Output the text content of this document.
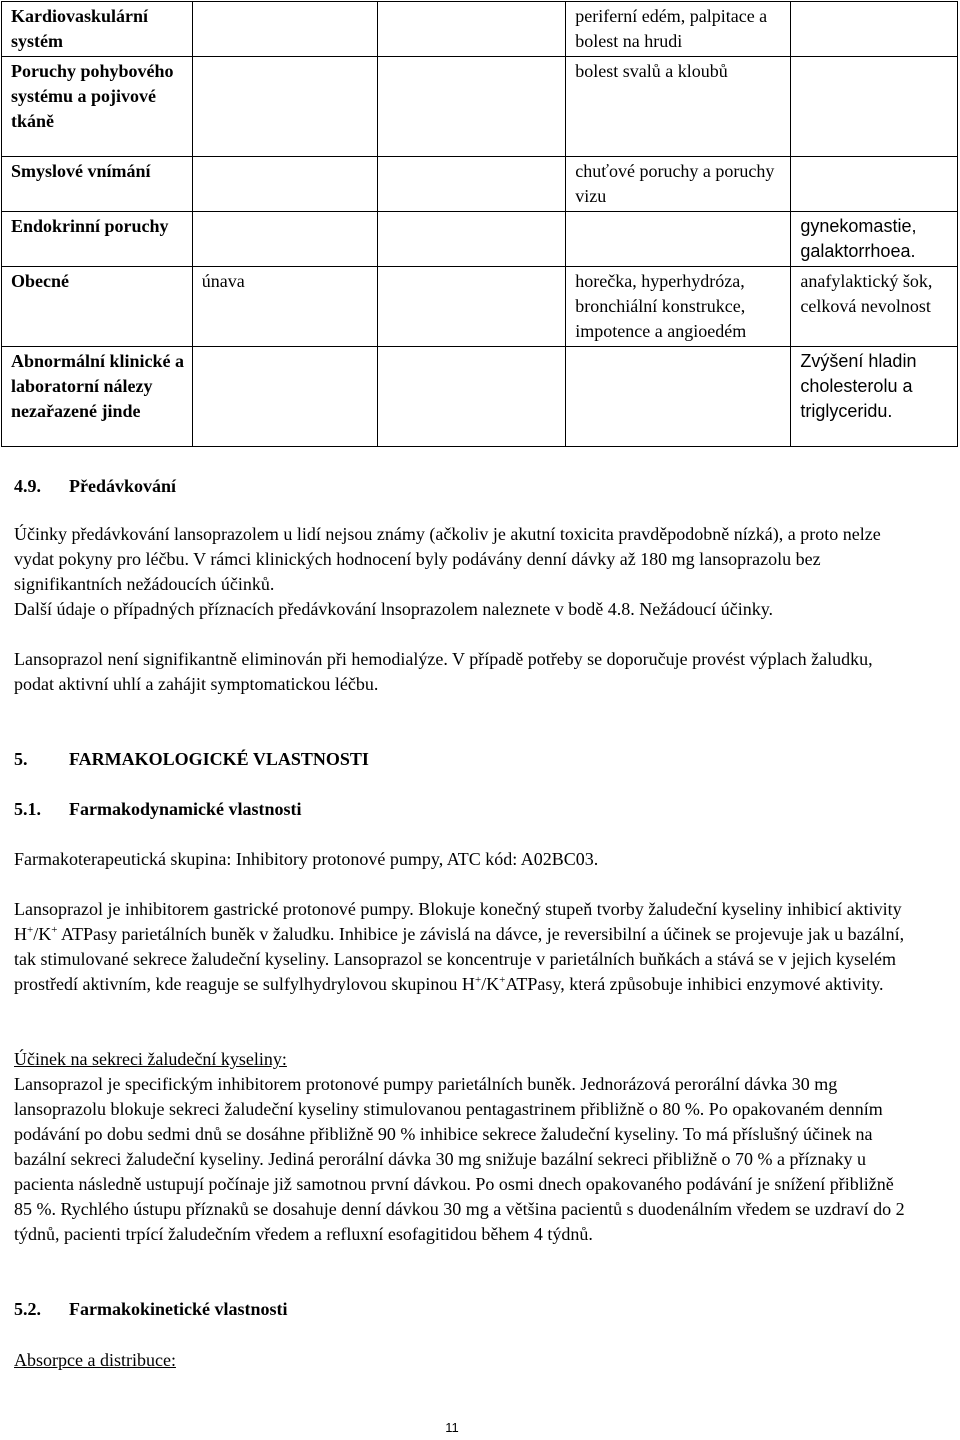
Kardiovaskulární systém			periferní edém, palpitace a bolest na hrudi	
Poruchy pohybového systému a pojivové tkáně			bolest svalů a kloubů	
Smyslové vnímání			chuťové poruchy a poruchy vizu	
Endokrinní poruchy				gynekomastie, galaktorrhoea.
Obecné	únava		horečka, hyperhydróza, bronchiální konstrukce, impotence a angioedém	anafylaktický šok, celková nevolnost
Abnormální klinické a laboratorní nálezy nezařazené jinde				Zvýšení hladin cholesterolu a triglyceridu.
4.9. Předávkování

Účinky předávkování lansoprazolem u lidí nejsou známy (ačkoliv je akutní toxicita pravděpodobně nízká), a proto nelze vydat pokyny pro léčbu. V rámci klinických hodnocení byly podávány denní dávky až 180 mg lansoprazolu bez signifikantních nežádoucích účinků.

Další údaje o případných příznacích předávkování lnsoprazolem naleznete v bodě 4.8. Nežádoucí účinky.

Lansoprazol není signifikantně eliminován při hemodialýze. V případě potřeby se doporučuje provést výplach žaludku, podat aktivní uhlí a zahájit symptomatickou léčbu.

5. FARMAKOLOGICKÉ VLASTNOSTI
5.1. Farmakodynamické vlastnosti

Farmakoterapeutická skupina: Inhibitory protonové pumpy, ATC kód: A02BC03.

Lansoprazol je inhibitorem gastrické protonové pumpy. Blokuje konečný stupeň tvorby žaludeční kyseliny inhibicí aktivity H+/K+ ATPasy parietálních buněk v žaludku. Inhibice je závislá na dávce, je reversibilní a účinek se projevuje jak u bazální, tak stimulované sekrece žaludeční kyseliny. Lansoprazol se koncentruje v parietálních buňkách a stává se v jejich kyselém prostředí aktivním, kde reaguje se sulfylhydrylovou skupinou H+/K+ATPasy, která způsobuje inhibici enzymové aktivity.

Účinek na sekreci žaludeční kyseliny:

Lansoprazol je specifickým inhibitorem protonové pumpy parietálních buněk. Jednorázová perorální dávka 30 mg lansoprazolu blokuje sekreci žaludeční kyseliny stimulovanou pentagastrinem přibližně o 80 %. Po opakovaném denním podávání po dobu sedmi dnů se dosáhne přibližně 90 % inhibice sekrece žaludeční kyseliny. To má příslušný účinek na bazální sekreci žaludeční kyseliny. Jediná perorální dávka 30 mg snižuje bazální sekreci přibližně o 70 % a příznaky u pacienta následně ustupují počínaje již samotnou první dávkou. Po osmi dnech opakovaného podávání je snížení přibližně 85 %. Rychlého ústupu příznaků se dosahuje denní dávkou 30 mg a většina pacientů s duodenálním vředem se uzdraví do 2 týdnů, pacienti trpící žaludečním vředem a refluxní esofagitidou během 4 týdnů.

5.2. Farmakokinetické vlastnosti

Absorpce a distribuce:

11
